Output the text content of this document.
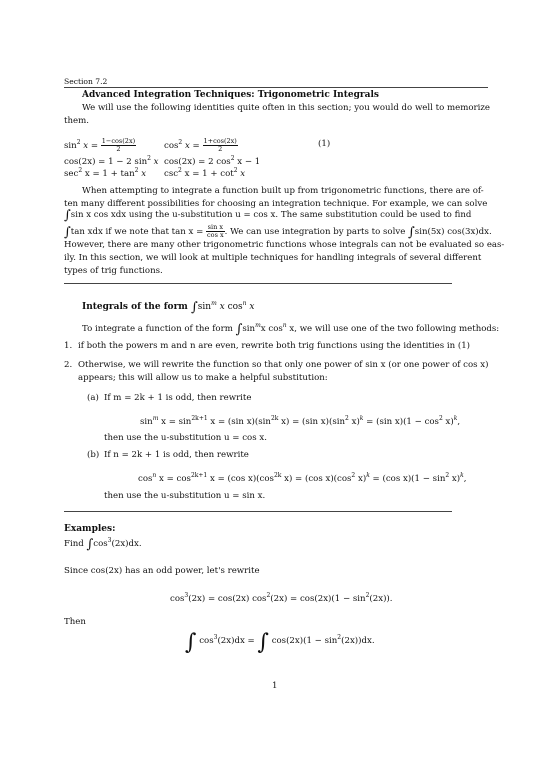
Section 7.2
Advanced Integration Techniques: Trigonometric Integrals
We will use the following identities quite often in this section; you would do well to memorize
them.
$\sin^2 x = \frac{1-\cos(2x)}{2}$	$\cos^2 x = \frac{1+\cos(2x)}{2}$	(1)
cos(2x) = 1 − 2 $\sin^2 x$ cos(2x) = 2 $\cos^2 x - 1$
$\sec^2 x = 1 + \tan^2 x$ $\csc^2 x = 1 + \cot^2 x$
When attempting to integrate a function built up from trigonometric functions, there are of-
ten many different possibilities for choosing an integration technique. For example, we can solve
∫sin x cos xdx using the u-substitution u = cos x. The same substitution could be used to find
∫tan xdx if we note that $\tan x = \frac{\text{sin x}}{\text{cos x}}$ . We can use integration by parts to solve ∫sin(5x) cos(3x)dx.
However, there are many other trigonometric functions whose integrals can not be evaluated so eas-
ily. In this section, we will look at multiple techniques for handling integrals of several different
types of trig functions.
Integrals of the form $\int\sin^m$ x $\cos^n x$
To integrate a function of the form $\int\sin^mx$ $\cos^n x$, we will use one of the two following methods:
1. if both the powers m and n are even, rewrite both trig functions using the identities in (1)
2. Otherwise, we will rewrite the function so that only one power of sin x (or one power of cos x)
appears; this will allow us to make a helpful substitution:
(a) If m = 2k + 1 is odd, then rewrite
$\sin^m x = \sin^{2k+1} x = (\sin$ $x)(\sin^{2k}$ x) = (sin $x)(\sin^2$ x)$^k$ = (sin $x)(1 - \cos^2 x)^k$,
then use the u-substitution u = cos x.
(b) If n = 2k + 1 is odd, then rewrite
$\cos^n x = \cos^{2k+1} x = (\cos$ $x)(\cos^{2k}$ x) = (cos $x)(\cos^2$ x)$^k$ = (cos $x)(1 - \sin^2 x)^k$,
then use the u-substitution u = sin x.
Examples:
Find $\int\cos^3(2x)dx$.
Since cos(2x) has an odd power, let's rewrite
$\cos^3(2x) = \cos(2x) \cos^2(2x) = \cos(2x)(1 - \sin^2(2x))$.
Then
∫ $\cos^3(2x)dx$ = ∫ $\cos(2x)(1 - \sin^2(2x))dx$.
1
